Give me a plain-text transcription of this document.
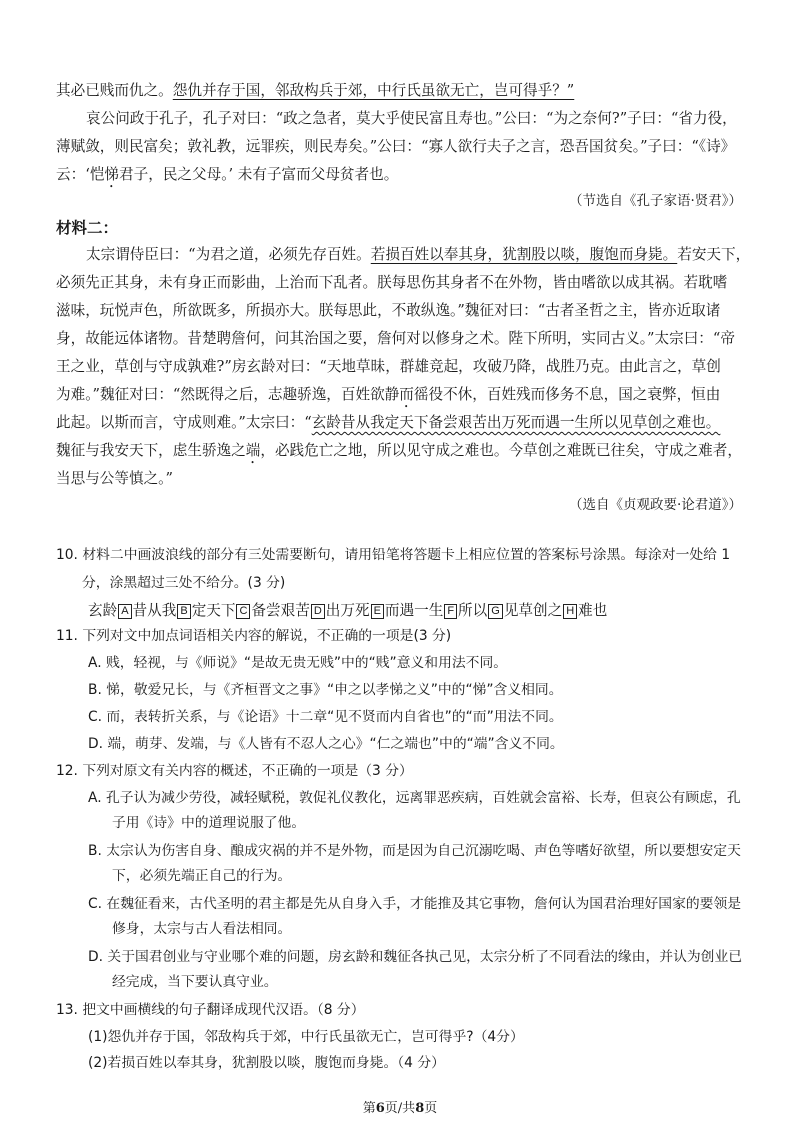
其必已贱而仇之。怨仇并存于国，邻敌构兵于郊，中行氏虽欲无亡，岂可得乎？”
哀公问政于孔子，孔子对曰：“政之急者，莫大乎使民富且寿也。”公曰：“为之奈何?”子曰：“省力役，
薄赋敛，则民富矣；敦礼教，远罪疾，则民寿矣。”公曰：“寡人欲行夫子之言，恐吾国贫矣。”子曰：“《诗》
云：‘恺悌君子，民之父母。’ 未有子富而父母贫者也。
（节选自《孔子家语·贤君》）
材料二：
太宗谓侍臣曰：“为君之道，必须先存百姓。若损百姓以奉其身，犹割股以啖，腹饱而身毙。若安天下，
必须先正其身，未有身正而影曲，上治而下乱者。朕每思伤其身者不在外物，皆由嗜欲以成其祸。若耽嗜
滋味，玩悦声色，所欲既多，所损亦大。朕每思此，不敢纵逸。”魏征对曰：“古者圣哲之主，皆亦近取诸
身，故能远体诸物。昔楚聘詹何，问其治国之要，詹何对以修身之术。陛下所明，实同古义。”太宗曰：“帝
王之业，草创与守成孰难?”房玄龄对曰：“天地草昧，群雄竞起，攻破乃降，战胜乃克。由此言之，草创
为难。”魏征对曰：“然既得之后，志趣骄逸，百姓欲静而徭役不休，百姓残而侈务不息，国之衰弊，恒由
此起。以斯而言，守成则难。”太宗曰：“玄龄昔从我定天下备尝艰苦出万死而遇一生所以见草创之难也。
魏征与我安天下，虑生骄逸之端，必践危亡之地，所以见守成之难也。今草创之难既已往矣，守成之难者，
当思与公等慎之。”
（选自《贞观政要·论君道》）
10. 材料二中画波浪线的部分有三处需要断句，请用铅笔将答题卡上相应位置的答案标号涂黑。每涂对一处给 1
分，涂黑超过三处不给分。(3 分)
玄龄 A 昔从我 B 定天下 C 备尝艰苦 D 出万死 E 而遇一生 F 所以 G 见草创之 H 难也
11. 下列对文中加点词语相关内容的解说，不正确的一项是(3 分)
A. 贱，轻视，与《师说》“是故无贵无贱”中的“贱”意义和用法不同。
B. 悌，敬爱兄长，与《齐桓晋文之事》“申之以孝悌之义”中的“悌”含义相同。
C. 而，表转折关系，与《论语》十二章“见不贤而内自省也”的“而”用法不同。
D. 端，萌芽、发端，与《人皆有不忍人之心》“仁之端也”中的“端”含义不同。
12. 下列对原文有关内容的概述，不正确的一项是（3 分）
A. 孔子认为减少劳役，减轻赋税，敦促礼仪教化，远离罪恶疾病，百姓就会富裕、长寿，但哀公有顾虑，孔
子用《诗》中的道理说服了他。
B. 太宗认为伤害自身、酿成灾祸的并不是外物，而是因为自己沉溺吃喝、声色等嗜好欲望，所以要想安定天
下，必须先端正自己的行为。
C. 在魏征看来，古代圣明的君主都是先从自身入手，才能推及其它事物，詹何认为国君治理好国家的要领是
修身，太宗与古人看法相同。
D. 关于国君创业与守业哪个难的问题，房玄龄和魏征各执己见，太宗分析了不同看法的缘由，并认为创业已
经完成，当下要认真守业。
13. 把文中画横线的句子翻译成现代汉语。（8 分）
(1)怨仇并存于国，邻敌构兵于郊，中行氏虽欲无亡，岂可得乎?（4分）
(2)若损百姓以奉其身，犹割股以啖，腹饱而身毙。（4 分）
第6页/共8页
